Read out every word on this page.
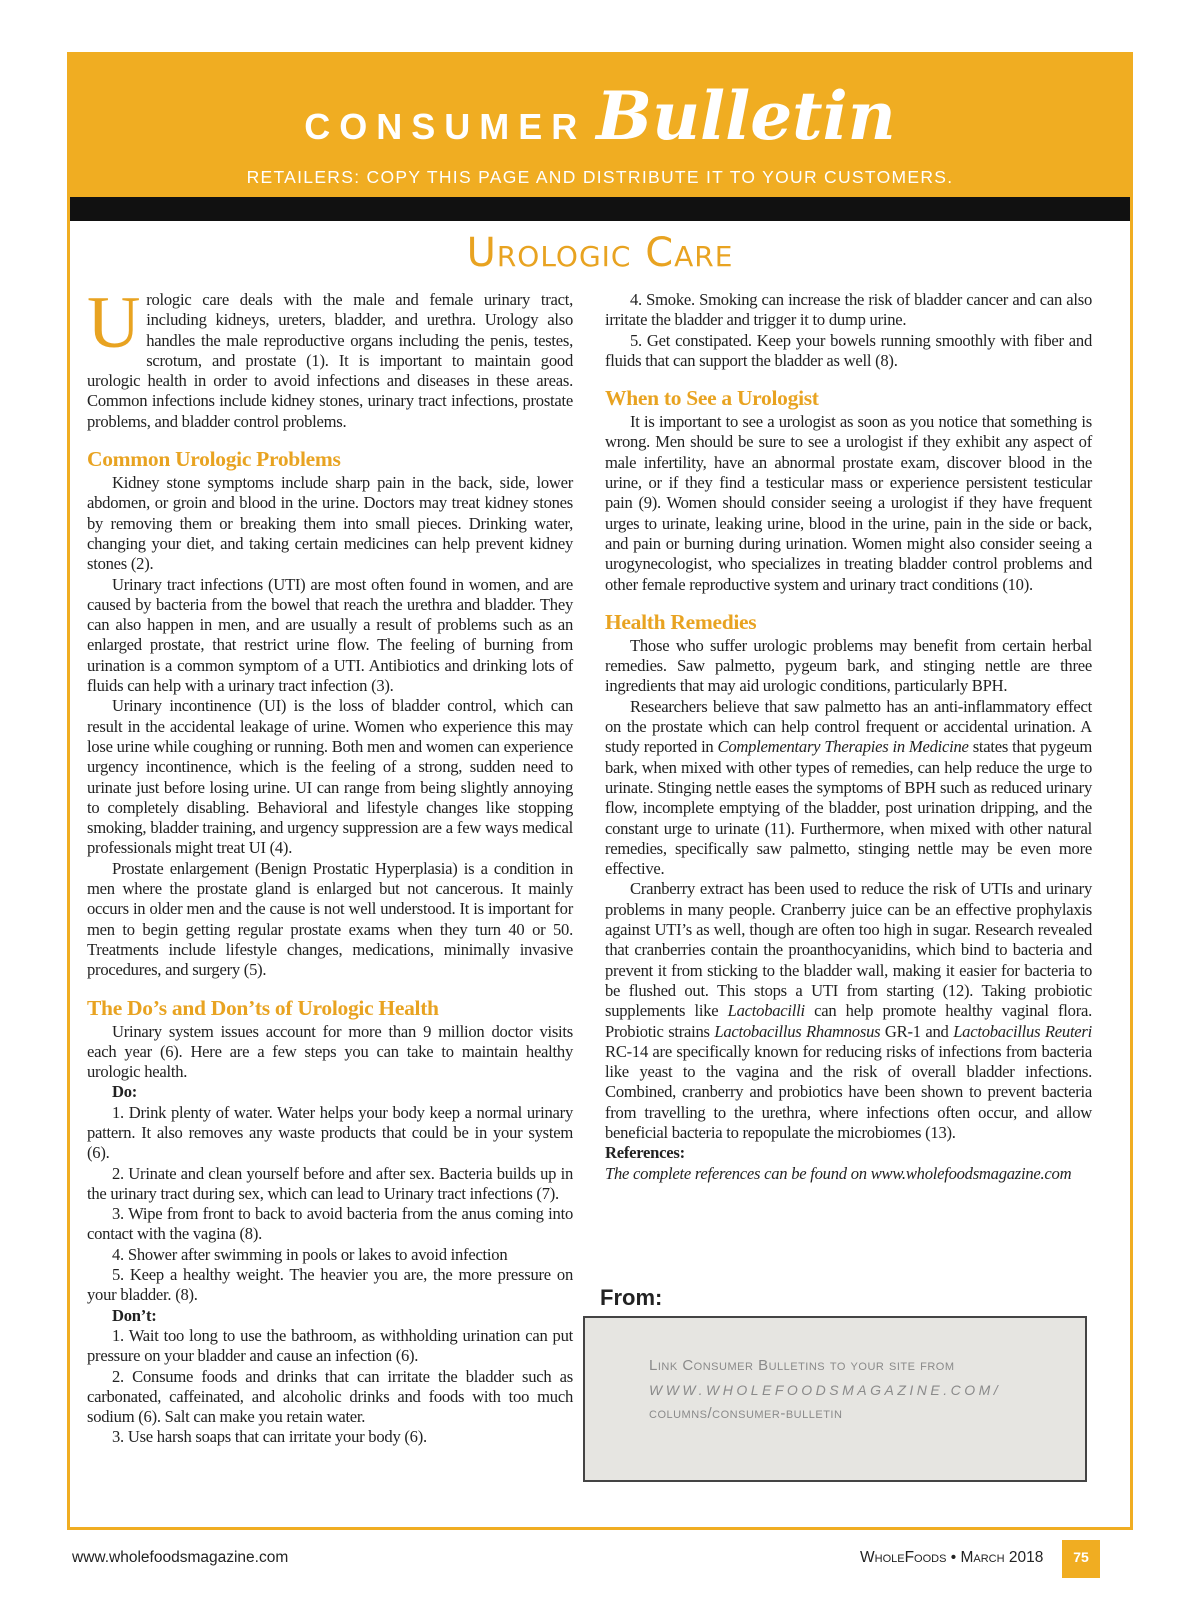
CONSUMER Bulletin
RETAILERS: COPY THIS PAGE AND DISTRIBUTE IT TO YOUR CUSTOMERS.
Urologic Care

Urologic care deals with the male and female urinary tract, including kidneys, ureters, bladder, and urethra. Urology also handles the male reproductive organs including the penis, testes, scrotum, and prostate (1). It is important to maintain good urologic health in order to avoid infections and diseases in these areas. Common infections include kidney stones, urinary tract infections, prostate problems, and bladder control problems.

Common Urologic Problems

Kidney stone symptoms include sharp pain in the back, side, lower abdomen, or groin and blood in the urine. Doctors may treat kidney stones by removing them or breaking them into small pieces. Drinking water, changing your diet, and taking certain medicines can help prevent kidney stones (2).

Urinary tract infections (UTI) are most often found in women, and are caused by bacteria from the bowel that reach the urethra and bladder. They can also happen in men, and are usually a result of problems such as an enlarged prostate, that restrict urine flow. The feeling of burning from urination is a common symptom of a UTI. Antibiotics and drinking lots of fluids can help with a urinary tract infection (3).

Urinary incontinence (UI) is the loss of bladder control, which can result in the accidental leakage of urine. Women who experience this may lose urine while coughing or running. Both men and women can experience urgency incontinence, which is the feeling of a strong, sudden need to urinate just before losing urine. UI can range from being slightly annoying to completely disabling. Behavioral and lifestyle changes like stopping smoking, bladder training, and urgency suppression are a few ways medical professionals might treat UI (4).

Prostate enlargement (Benign Prostatic Hyperplasia) is a condition in men where the prostate gland is enlarged but not cancerous. It mainly occurs in older men and the cause is not well understood. It is important for men to begin getting regular prostate exams when they turn 40 or 50. Treatments include lifestyle changes, medications, minimally invasive procedures, and surgery (5).

The Do’s and Don’ts of Urologic Health

Urinary system issues account for more than 9 million doctor visits each year (6). Here are a few steps you can take to maintain healthy urologic health.

Do:

1. Drink plenty of water. Water helps your body keep a normal urinary pattern. It also removes any waste products that could be in your system (6).

2. Urinate and clean yourself before and after sex. Bacteria builds up in the urinary tract during sex, which can lead to Urinary tract infections (7).

3. Wipe from front to back to avoid bacteria from the anus coming into contact with the vagina (8).

4. Shower after swimming in pools or lakes to avoid infection

5. Keep a healthy weight. The heavier you are, the more pressure on your bladder. (8).

Don’t:

1. Wait too long to use the bathroom, as withholding urination can put pressure on your bladder and cause an infection (6).

2. Consume foods and drinks that can irritate the bladder such as carbonated, caffeinated, and alcoholic drinks and foods with too much sodium (6). Salt can make you retain water.

3. Use harsh soaps that can irritate your body (6).

4. Smoke. Smoking can increase the risk of bladder cancer and can also irritate the bladder and trigger it to dump urine.

5. Get constipated. Keep your bowels running smoothly with fiber and fluids that can support the bladder as well (8).

When to See a Urologist

It is important to see a urologist as soon as you notice that something is wrong. Men should be sure to see a urologist if they exhibit any aspect of male infertility, have an abnormal prostate exam, discover blood in the urine, or if they find a testicular mass or experience persistent testicular pain (9). Women should consider seeing a urologist if they have frequent urges to urinate, leaking urine, blood in the urine, pain in the side or back, and pain or burning during urination. Women might also consider seeing a urogynecologist, who specializes in treating bladder control problems and other female reproductive system and urinary tract conditions (10).

Health Remedies

Those who suffer urologic problems may benefit from certain herbal remedies. Saw palmetto, pygeum bark, and stinging nettle are three ingredients that may aid urologic conditions, particularly BPH.

Researchers believe that saw palmetto has an anti-inflammatory effect on the prostate which can help control frequent or accidental urination. A study reported in Complementary Therapies in Medicine states that pygeum bark, when mixed with other types of remedies, can help reduce the urge to urinate. Stinging nettle eases the symptoms of BPH such as reduced urinary flow, incomplete emptying of the bladder, post urination dripping, and the constant urge to urinate (11). Furthermore, when mixed with other natural remedies, specifically saw palmetto, stinging nettle may be even more effective.

Cranberry extract has been used to reduce the risk of UTIs and urinary problems in many people. Cranberry juice can be an effective prophylaxis against UTI’s as well, though are often too high in sugar. Research revealed that cranberries contain the proanthocyanidins, which bind to bacteria and prevent it from sticking to the bladder wall, making it easier for bacteria to be flushed out. This stops a UTI from starting (12). Taking probiotic supplements like Lactobacilli can help promote healthy vaginal flora. Probiotic strains Lactobacillus Rhamnosus GR-1 and Lactobacillus Reuteri RC-14 are specifically known for reducing risks of infections from bacteria like yeast to the vagina and the risk of overall bladder infections. Combined, cranberry and probiotics have been shown to prevent bacteria from travelling to the urethra, where infections often occur, and allow beneficial bacteria to repopulate the microbiomes (13).

References:

The complete references can be found on www.wholefoodsmagazine.com

From:
Link Consumer Bulletins to your site from
WWW.WHOLEFOODSMAGAZINE.COM/
columns/consumer-bulletin
www.wholefoodsmagazine.com	WholeFoods • March 2018	75
